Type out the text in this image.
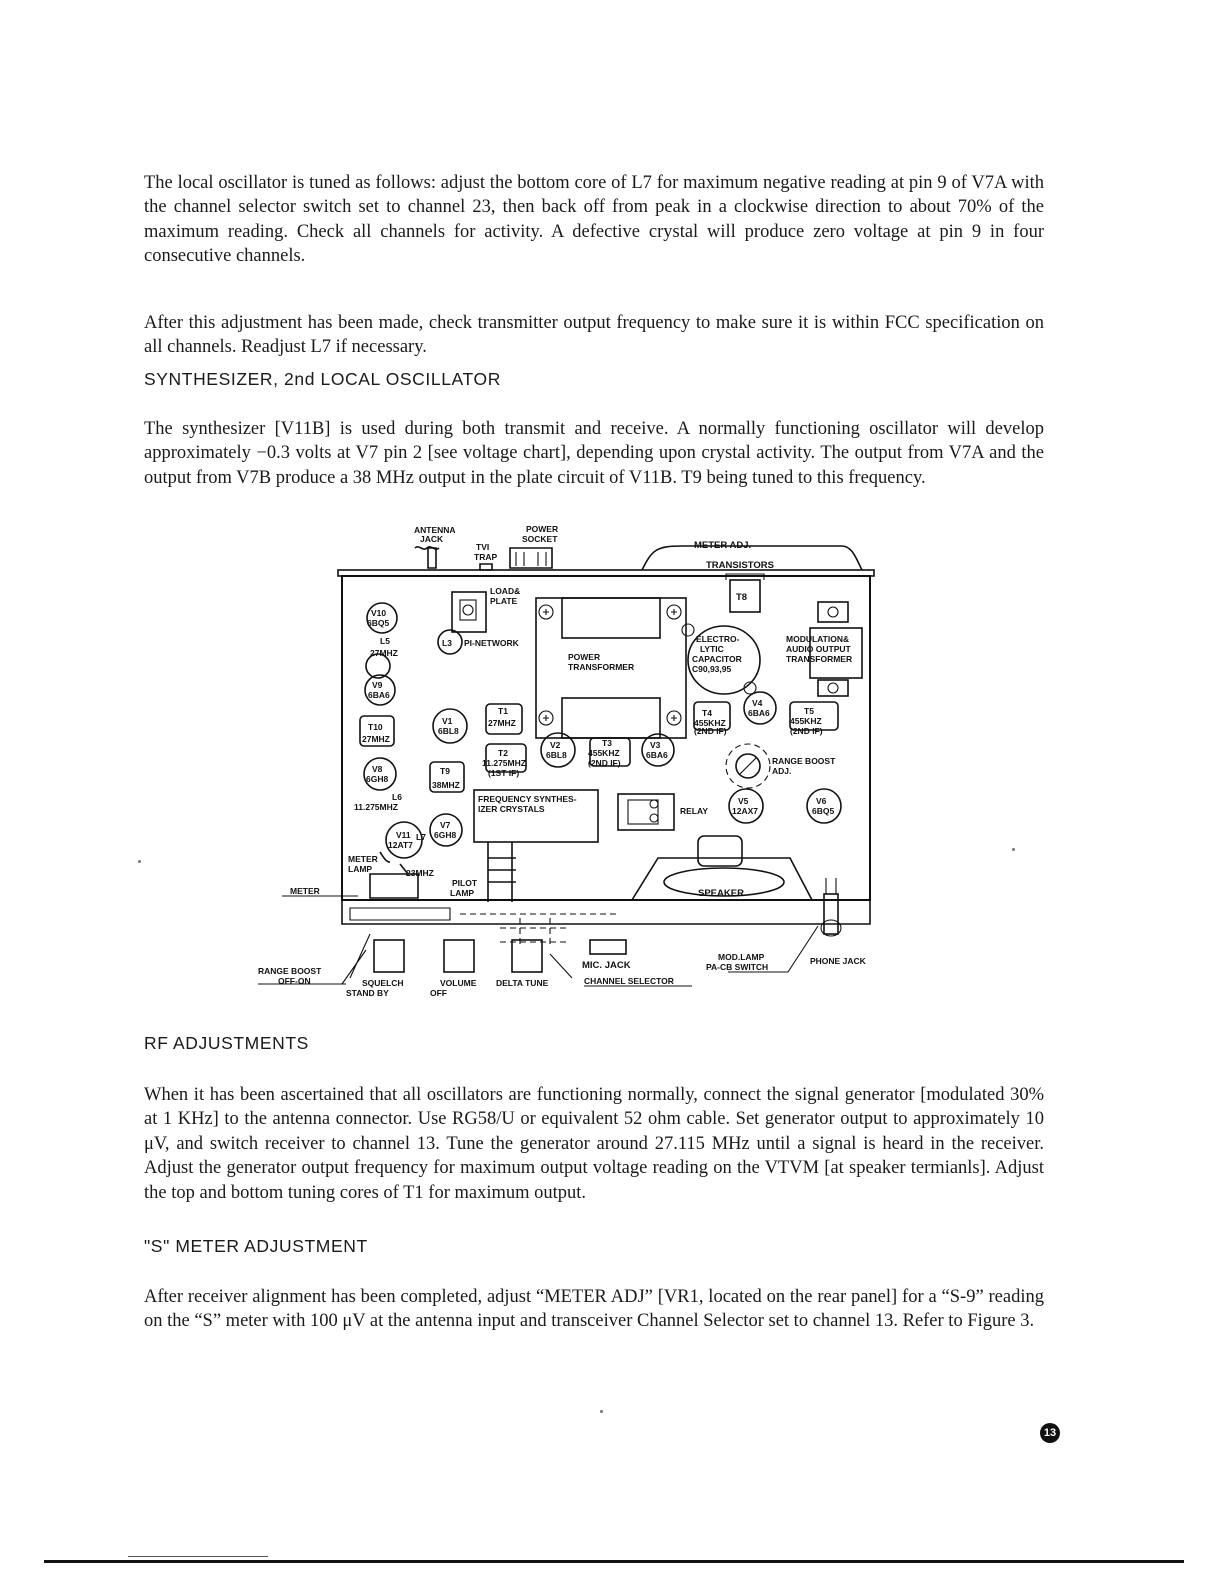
The local oscillator is tuned as follows: adjust the bottom core of L7 for maximum negative reading at pin 9 of V7A with the channel selector switch set to channel 23, then back off from peak in a clockwise direction to about 70% of the maximum reading. Check all channels for activity. A defective crystal will produce zero voltage at pin 9 in four consecutive channels.

After this adjustment has been made, check transmitter output frequency to make sure it is within FCC specification on all channels. Readjust L7 if necessary.

SYNTHESIZER, 2nd LOCAL OSCILLATOR

The synthesizer [V11B] is used during both transmit and receive. A normally functioning oscillator will develop approximately −0.3 volts at V7 pin 2 [see voltage chart], depending upon crystal activity. The output from V7A and the output from V7B produce a 38 MHz output in the plate circuit of V11B. T9 being tuned to this frequency.

ANTENNA
JACK
TVI
TRAP
POWER
SOCKET
METER ADJ.
TRANSISTORS
LOAD&
PLATE	T8
V10
6BQ5
L5
27MHZ
L3 PI-NETWORK
POWER
TRANSFORMER
ELECTRO-
LYTIC
CAPACITOR
C90,93,95
MODULATION&
AUDIO OUTPUT
TRANSFORMER
V9
6BA6
T10
27MHZ
V1
6BL8
T1
27MHZ
T4
455KHZ
(2ND IF)
V4
6BA6	T5
455KHZ
(2ND IF)
T2
11.275MHZ
(1ST IF)
V2
6BL8
T3
455KHZ
(2ND IF)
V3
6BA6
RANGE BOOST
ADJ.
V8
6GH8
T9
38MHZ
L6
11.275MHZ
FREQUENCY SYNTHES-
IZER CRYSTALS	RELAY
V5
12AX7
V6
6BQ5
V11
12AT7
V7
6GH8
L7
METER
LAMP	23MHZ
PILOT
LAMP	SPEAKER
METER
RANGE BOOST
OFF-ON	SQUELCH
STAND BY
VOLUME
OFF
DELTA TUNE
MIC. JACK
CHANNEL SELECTOR
MOD.LAMP
PA-CB SWITCH
PHONE JACK
RF ADJUSTMENTS

When it has been ascertained that all oscillators are functioning normally, connect the signal generator [modulated 30% at 1 KHz] to the antenna connector. Use RG58/U or equivalent 52 ohm cable. Set generator output to approximately 10 μV, and switch receiver to channel 13. Tune the generator around 27.115 MHz until a signal is heard in the receiver. Adjust the generator output frequency for maximum output voltage reading on the VTVM [at speaker termianls]. Adjust the top and bottom tuning cores of T1 for maximum output.

"S" METER ADJUSTMENT

After receiver alignment has been completed, adjust “METER ADJ” [VR1, located on the rear panel] for a “S-9” reading on the “S” meter with 100 μV at the antenna input and transceiver Channel Selector set to channel 13. Refer to Figure 3.

13
